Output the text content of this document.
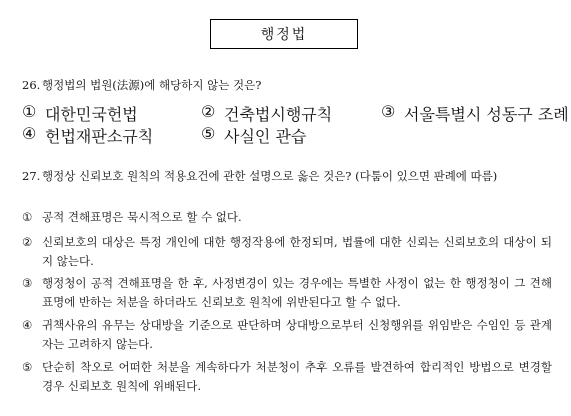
행정법
26. 행정법의 법원(法源)에 해당하지 않는 것은?
① 대한민국헌법	② 건축법시행규칙	③ 서울특별시 성동구 조례
④ 헌법재판소규칙	⑤ 사실인 관습
27. 행정상 신뢰보호 원칙의 적용요건에 관한 설명으로 옳은 것은? (다툼이 있으면 판례에 따름)
① 공적 견해표명은 묵시적으로 할 수 없다.
② 신뢰보호의 대상은 특정 개인에 대한 행정작용에 한정되며, 법률에 대한 신뢰는 신뢰보호의 대상이 되지 않는다.
③ 행정청이 공적 견해표명을 한 후, 사정변경이 있는 경우에는 특별한 사정이 없는 한 행정청이 그 견해표명에 반하는 처분을 하더라도 신뢰보호 원칙에 위반된다고 할 수 없다.
④ 귀책사유의 유무는 상대방을 기준으로 판단하며 상대방으로부터 신청행위를 위임받은 수임인 등 관계자는 고려하지 않는다.
⑤ 단순히 착오로 어떠한 처분을 계속하다가 처분청이 추후 오류를 발견하여 합리적인 방법으로 변경할 경우 신뢰보호 원칙에 위배된다.
